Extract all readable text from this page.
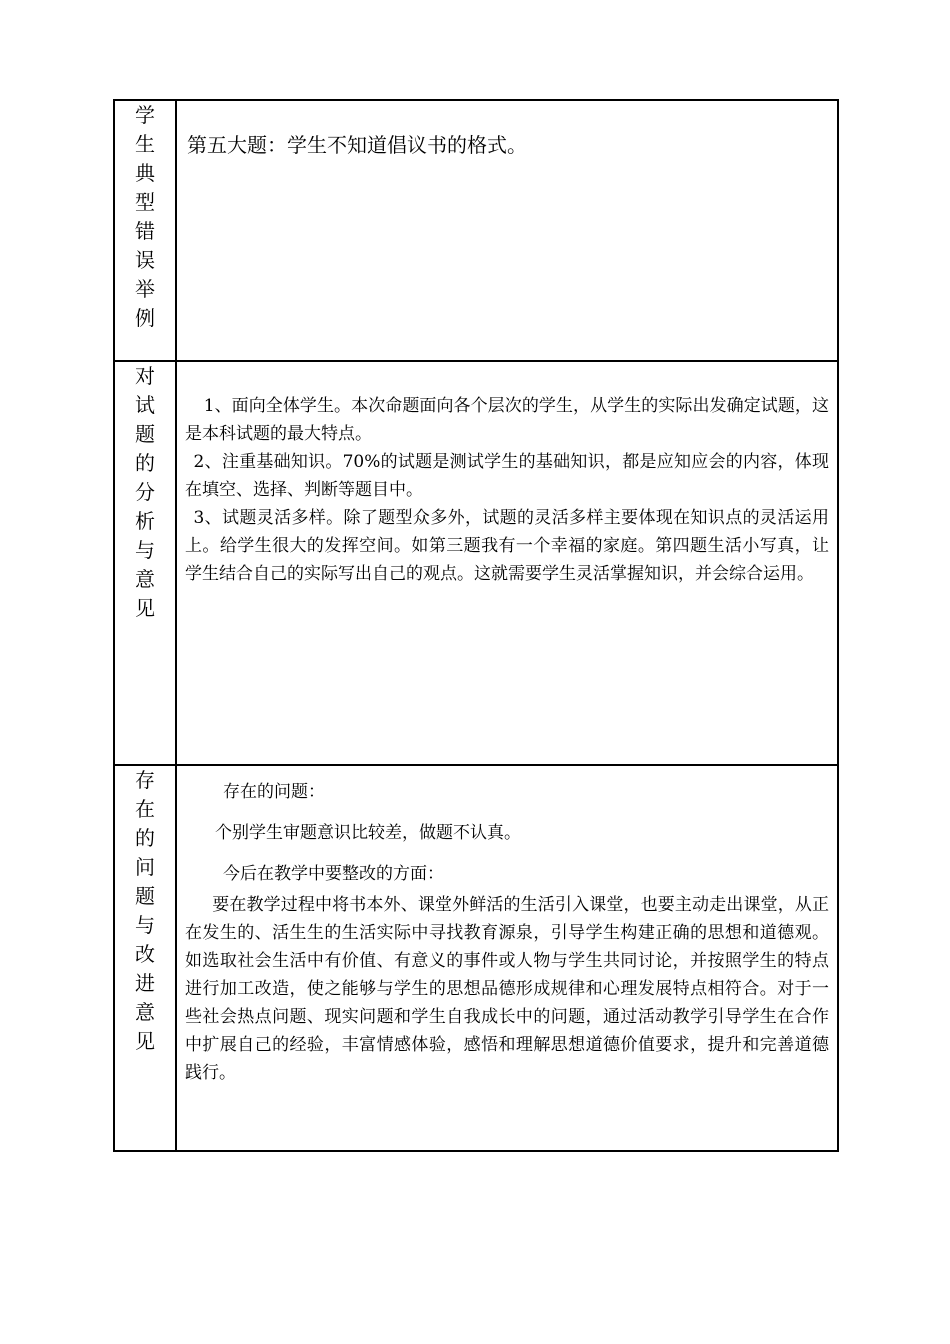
学生典型错误举例	第五大题：学生不知道倡议书的格式。

对试题的分析与意见	1、面向全体学生。本次命题面向各个层次的学生，从学生的实际出发确定试题，这是本科试题的最大特点。

2、注重基础知识。70%的试题是测试学生的基础知识，都是应知应会的内容，体现在填空、选择、判断等题目中。

3、试题灵活多样。除了题型众多外，试题的灵活多样主要体现在知识点的灵活运用上。给学生很大的发挥空间。如第三题我有一个幸福的家庭。第四题生活小写真，让学生结合自己的实际写出自己的观点。这就需要学生灵活掌握知识，并会综合运用。

存在的问题与改进意见	存在的问题：

个别学生审题意识比较差，做题不认真。

今后在教学中要整改的方面：

要在教学过程中将书本外、课堂外鲜活的生活引入课堂，也要主动走出课堂，从正在发生的、活生生的生活实际中寻找教育源泉，引导学生构建正确的思想和道德观。如选取社会生活中有价值、有意义的事件或人物与学生共同讨论，并按照学生的特点进行加工改造，使之能够与学生的思想品德形成规律和心理发展特点相符合。对于一些社会热点问题、现实问题和学生自我成长中的问题，通过活动教学引导学生在合作中扩展自己的经验，丰富情感体验，感悟和理解思想道德价值要求，提升和完善道德践行。
